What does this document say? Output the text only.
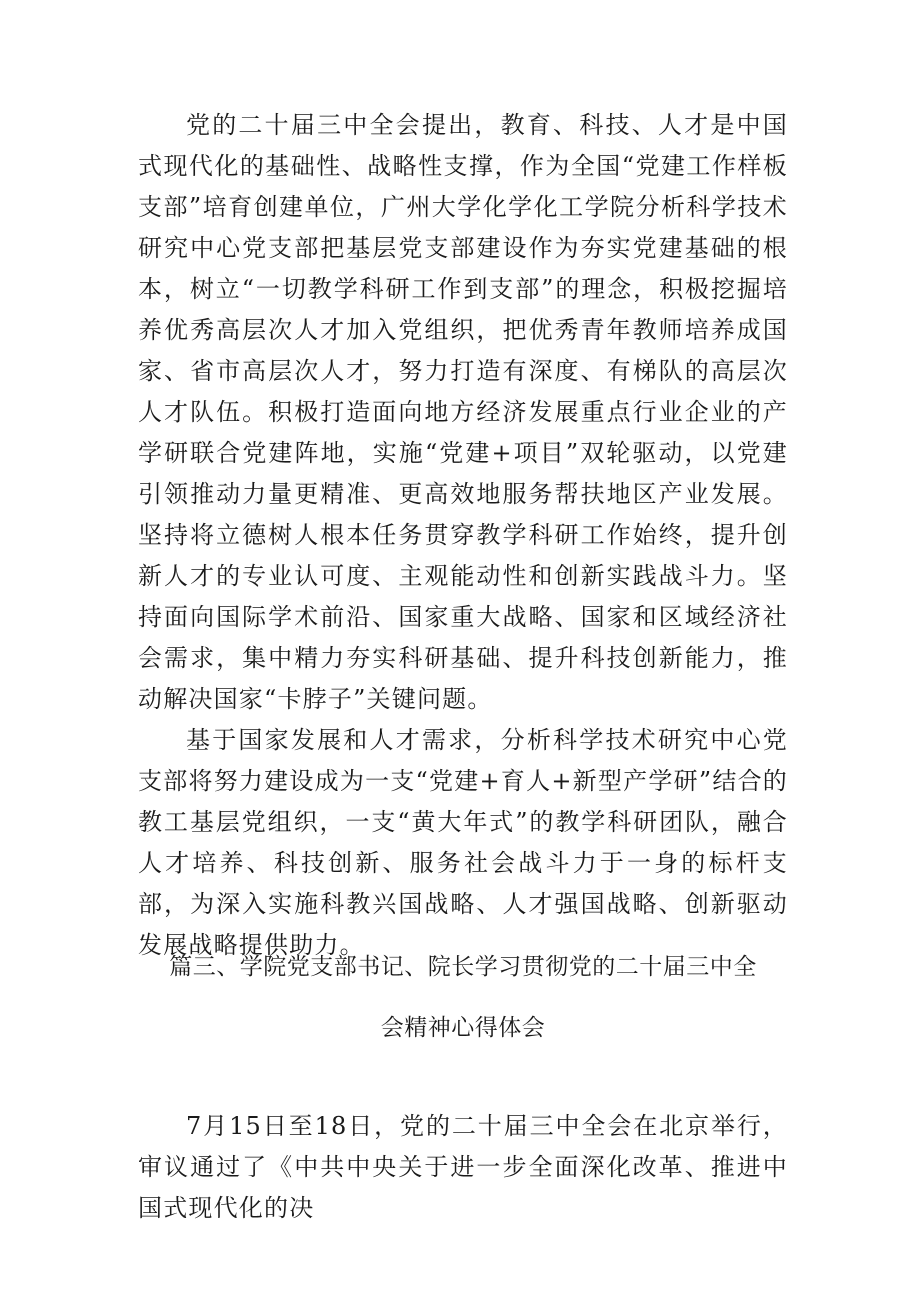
党的二十届三中全会提出，教育、科技、人才是中国式现代化的基础性、战略性支撑，作为全国“党建工作样板支部”培育创建单位，广州大学化学化工学院分析科学技术研究中心党支部把基层党支部建设作为夯实党建基础的根本，树立“一切教学科研工作到支部”的理念，积极挖掘培养优秀高层次人才加入党组织，把优秀青年教师培养成国家、省市高层次人才，努力打造有深度、有梯队的高层次人才队伍。积极打造面向地方经济发展重点行业企业的产学研联合党建阵地，实施“党建+项目”双轮驱动，以党建引领推动力量更精准、更高效地服务帮扶地区产业发展。坚持将立德树人根本任务贯穿教学科研工作始终，提升创新人才的专业认可度、主观能动性和创新实践战斗力。坚持面向国际学术前沿、国家重大战略、国家和区域经济社会需求，集中精力夯实科研基础、提升科技创新能力，推动解决国家“卡脖子”关键问题。

基于国家发展和人才需求，分析科学技术研究中心党支部将努力建设成为一支“党建+育人+新型产学研”结合的教工基层党组织，一支“黄大年式”的教学科研团队，融合人才培养、科技创新、服务社会战斗力于一身的标杆支部，为深入实施科教兴国战略、人才强国战略、创新驱动发展战略提供助力。

篇三、学院党支部书记、院长学习贯彻党的二十届三中全
会精神心得体会

7月15日至18日，党的二十届三中全会在北京举行，审议通过了《中共中央关于进一步全面深化改革、推进中国式现代化的决
